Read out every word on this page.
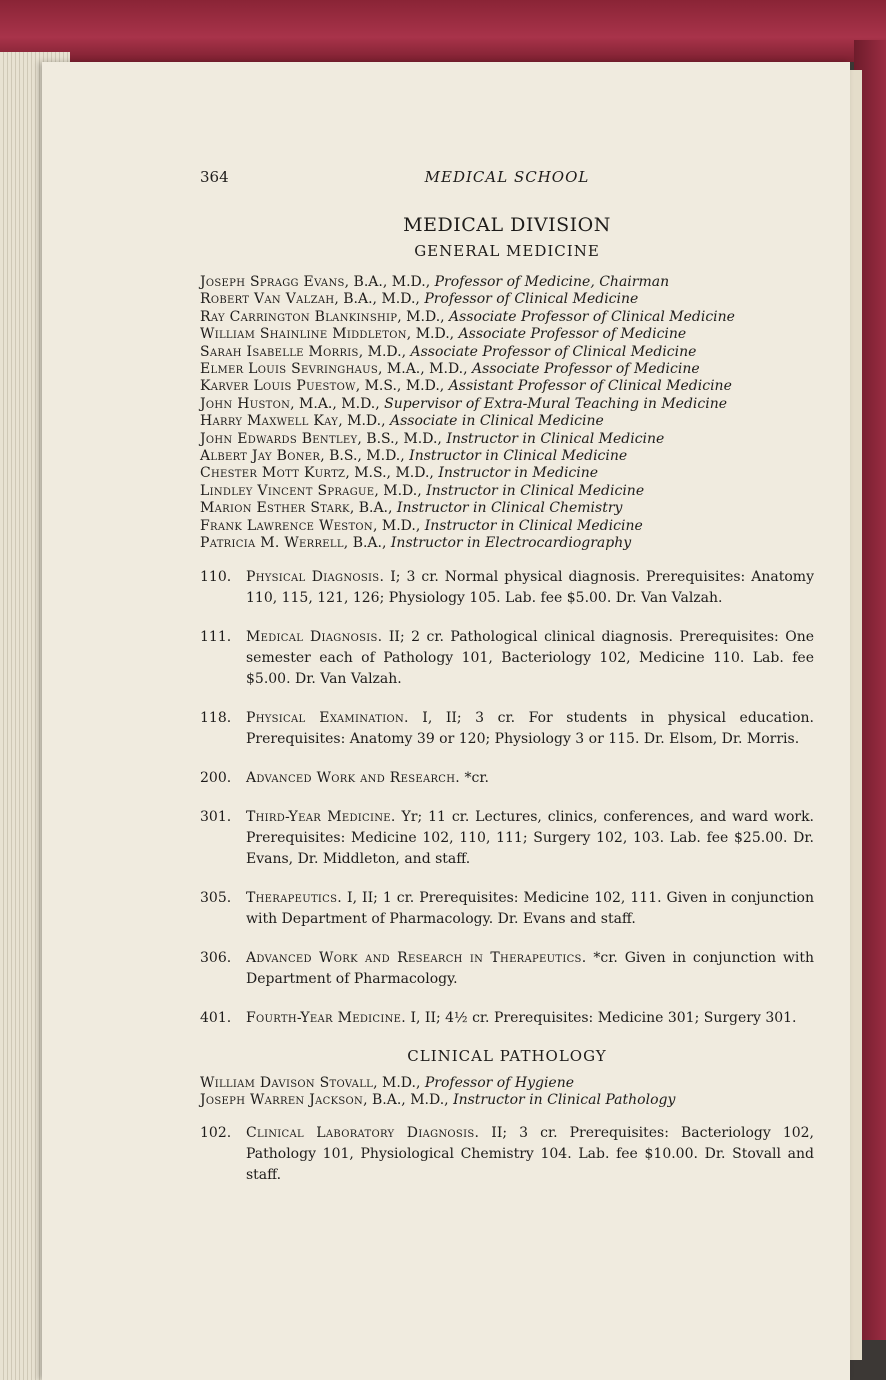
364	MEDICAL SCHOOL
MEDICAL DIVISION
GENERAL MEDICINE
Joseph Spragg Evans, B.A., M.D., Professor of Medicine, Chairman
Robert Van Valzah, B.A., M.D., Professor of Clinical Medicine
Ray Carrington Blankinship, M.D., Associate Professor of Clinical Medicine
William Shainline Middleton, M.D., Associate Professor of Medicine
Sarah Isabelle Morris, M.D., Associate Professor of Clinical Medicine
Elmer Louis Sevringhaus, M.A., M.D., Associate Professor of Medicine
Karver Louis Puestow, M.S., M.D., Assistant Professor of Clinical Medicine
John Huston, M.A., M.D., Supervisor of Extra-Mural Teaching in Medicine
Harry Maxwell Kay, M.D., Associate in Clinical Medicine
John Edwards Bentley, B.S., M.D., Instructor in Clinical Medicine
Albert Jay Boner, B.S., M.D., Instructor in Clinical Medicine
Chester Mott Kurtz, M.S., M.D., Instructor in Medicine
Lindley Vincent Sprague, M.D., Instructor in Clinical Medicine
Marion Esther Stark, B.A., Instructor in Clinical Chemistry
Frank Lawrence Weston, M.D., Instructor in Clinical Medicine
Patricia M. Werrell, B.A., Instructor in Electrocardiography
110.	Physical Diagnosis. I; 3 cr. Normal physical diagnosis. Prerequisites: Anatomy 110, 115, 121, 126; Physiology 105. Lab. fee $5.00. Dr. Van Valzah.
111.	Medical Diagnosis. II; 2 cr. Pathological clinical diagnosis. Prerequisites: One semester each of Pathology 101, Bacteriology 102, Medicine 110. Lab. fee $5.00. Dr. Van Valzah.
118.	Physical Examination. I, II; 3 cr. For students in physical education. Prerequisites: Anatomy 39 or 120; Physiology 3 or 115. Dr. Elsom, Dr. Morris.
200.	Advanced Work and Research. *cr.
301.	Third-Year Medicine. Yr; 11 cr. Lectures, clinics, conferences, and ward work. Prerequisites: Medicine 102, 110, 111; Surgery 102, 103. Lab. fee $25.00. Dr. Evans, Dr. Middleton, and staff.
305.	Therapeutics. I, II; 1 cr. Prerequisites: Medicine 102, 111. Given in conjunction with Department of Pharmacology. Dr. Evans and staff.
306.	Advanced Work and Research in Therapeutics. *cr. Given in conjunction with Department of Pharmacology.
401.	Fourth-Year Medicine. I, II; 4½ cr. Prerequisites: Medicine 301; Surgery 301.
CLINICAL PATHOLOGY
William Davison Stovall, M.D., Professor of Hygiene
Joseph Warren Jackson, B.A., M.D., Instructor in Clinical Pathology
102.	Clinical Laboratory Diagnosis. II; 3 cr. Prerequisites: Bacteriology 102, Pathology 101, Physiological Chemistry 104. Lab. fee $10.00. Dr. Stovall and staff.
